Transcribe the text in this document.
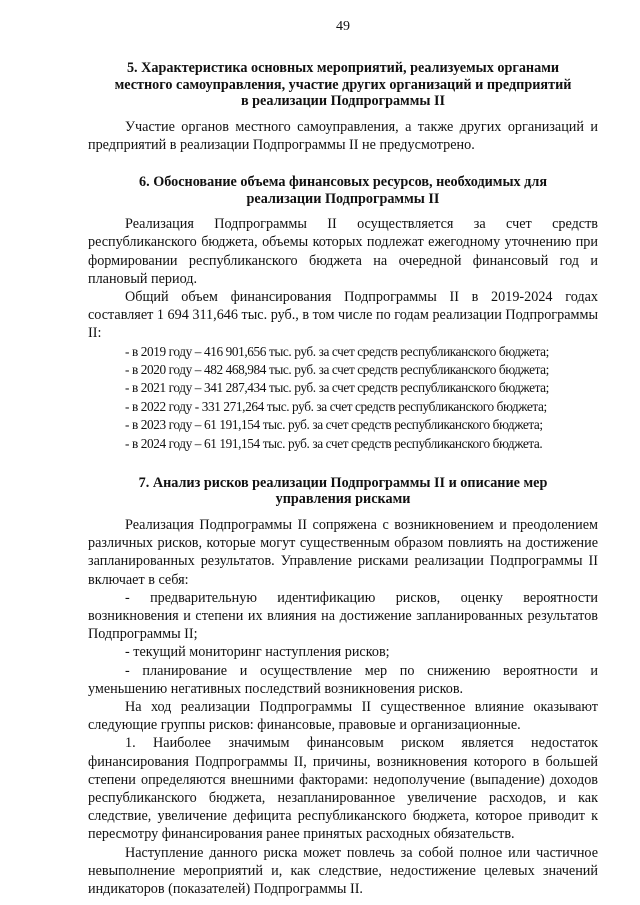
49
5. Характеристика основных мероприятий, реализуемых органами
местного самоуправления, участие других организаций и предприятий
в реализации Подпрограммы II

Участие органов местного самоуправления, а также других организаций и предприятий в реализации Подпрограммы II не предусмотрено.

6. Обоснование объема финансовых ресурсов, необходимых для
реализации Подпрограммы II

Реализация Подпрограммы II осуществляется за счет средств республиканского бюджета, объемы которых подлежат ежегодному уточнению при формировании республиканского бюджета на очередной финансовый год и плановый период.

Общий объем финансирования Подпрограммы II в 2019-2024 годах составляет 1 694 311,646 тыс. руб., в том числе по годам реализации Подпрограммы II:

- в 2019 году – 416 901,656 тыс. руб. за счет средств республиканского бюджета;
- в 2020 году – 482 468,984 тыс. руб. за счет средств республиканского бюджета;
- в 2021 году – 341 287,434 тыс. руб. за счет средств республиканского бюджета;
- в 2022 году - 331 271,264 тыс. руб. за счет средств республиканского бюджета;
- в 2023 году – 61 191,154 тыс. руб. за счет средств республиканского бюджета;
- в 2024 году – 61 191,154 тыс. руб. за счет средств республиканского бюджета.
7. Анализ рисков реализации Подпрограммы II и описание мер
управления рисками

Реализация Подпрограммы II сопряжена с возникновением и преодолением различных рисков, которые могут существенным образом повлиять на достижение запланированных результатов. Управление рисками реализации Подпрограммы II включает в себя:

- предварительную идентификацию рисков, оценку вероятности возникновения и степени их влияния на достижение запланированных результатов Подпрограммы II;

- текущий мониторинг наступления рисков;

- планирование и осуществление мер по снижению вероятности и уменьшению негативных последствий возникновения рисков.

На ход реализации Подпрограммы II существенное влияние оказывают следующие группы рисков: финансовые, правовые и организационные.

1. Наиболее значимым финансовым риском является недостаток финансирования Подпрограммы II, причины, возникновения которого в большей степени определяются внешними факторами: недополучение (выпадение) доходов республиканского бюджета, незапланированное увеличение расходов, и как следствие, увеличение дефицита республиканского бюджета, которое приводит к пересмотру финансирования ранее принятых расходных обязательств.

Наступление данного риска может повлечь за собой полное или частичное невыполнение мероприятий и, как следствие, недостижение целевых значений индикаторов (показателей) Подпрограммы II.
